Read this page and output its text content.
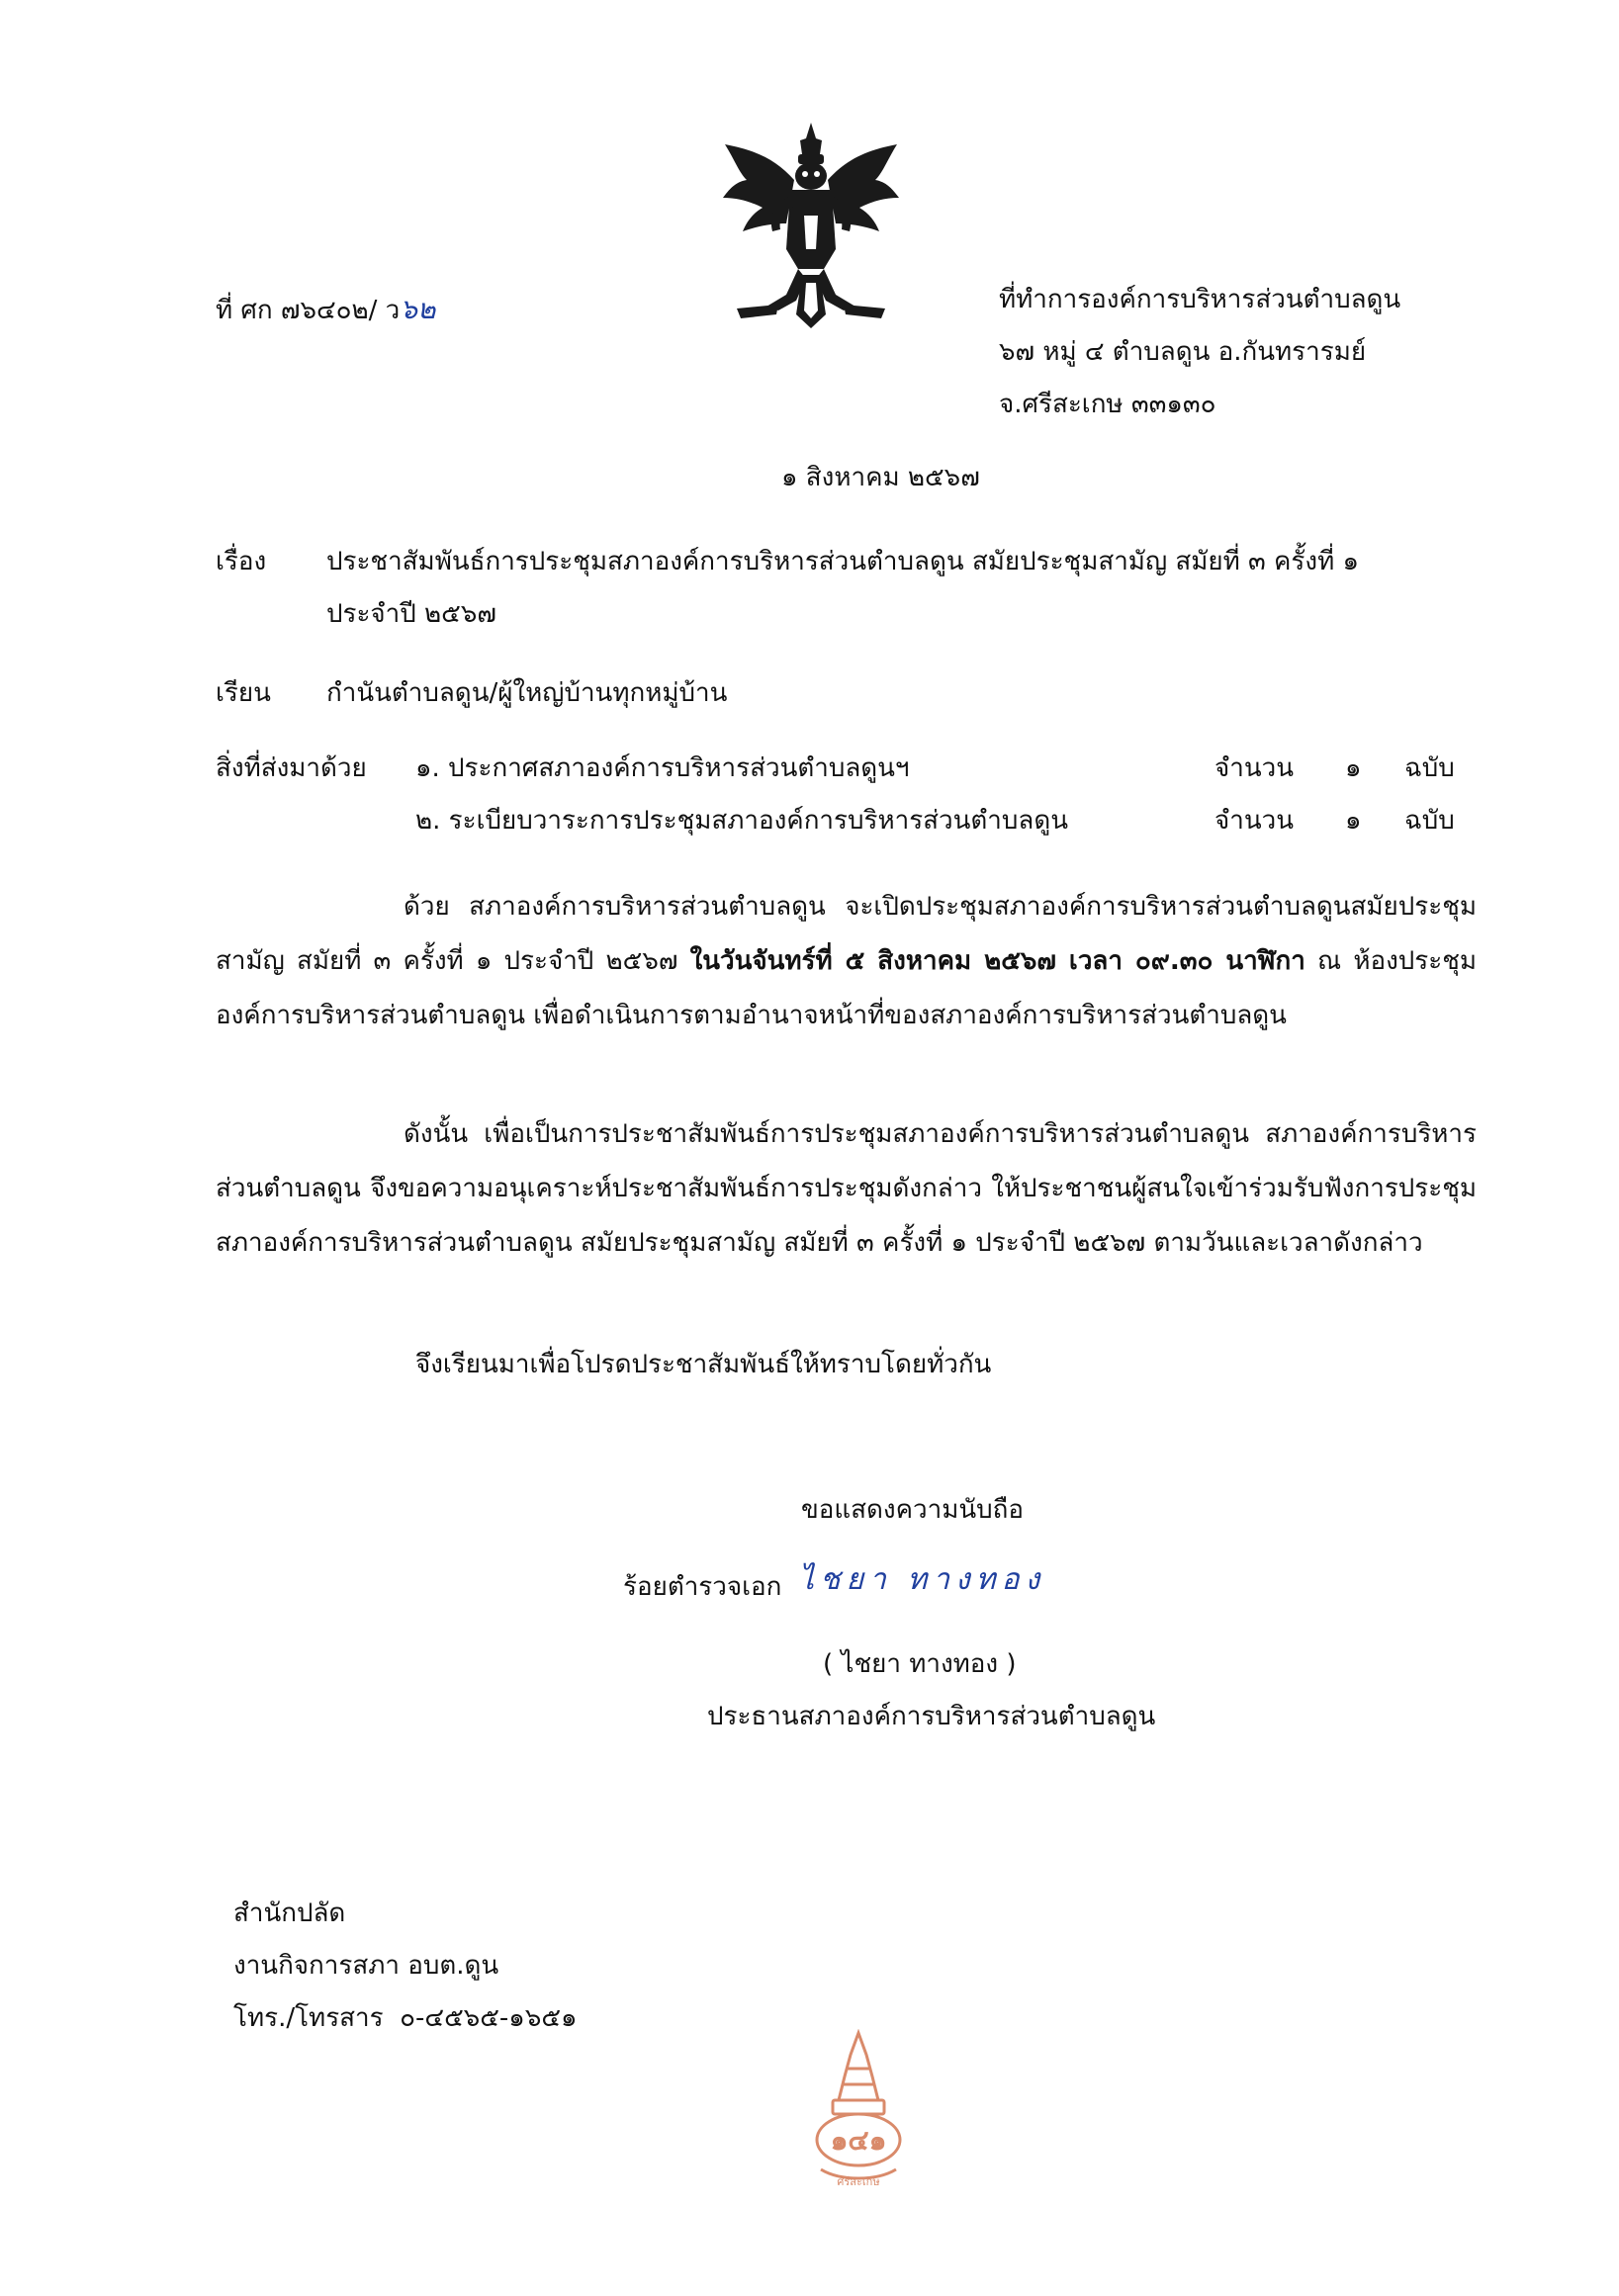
ที่ ศก ๗๖๔๐๒/ ว๖๒	ที่ทำการองค์การบริหารส่วนตำบลดูน
๖๗ หมู่ ๔ ตำบลดูน อ.กันทรารมย์
จ.ศรีสะเกษ ๓๓๑๓๐
๑ สิงหาคม ๒๕๖๗
เรื่อง ประชาสัมพันธ์การประชุมสภาองค์การบริหารส่วนตำบลดูน สมัยประชุมสามัญ สมัยที่ ๓ ครั้งที่ ๑
ประจำปี ๒๕๖๗
เรียน กำนันตำบลดูน/ผู้ใหญ่บ้านทุกหมู่บ้าน
สิ่งที่ส่งมาด้วย ๑. ประกาศสภาองค์การบริหารส่วนตำบลดูนฯ	จำนวน ๑ ฉบับ
๒. ระเบียบวาระการประชุมสภาองค์การบริหารส่วนตำบลดูน	จำนวน ๑ ฉบับ
ด้วย สภาองค์การบริหารส่วนตำบลดูน จะเปิดประชุมสภาองค์การบริหารส่วนตำบลดูนสมัยประชุมสามัญ สมัยที่ ๓ ครั้งที่ ๑ ประจำปี ๒๕๖๗ ในวันจันทร์ที่ ๕ สิงหาคม ๒๕๖๗ เวลา ๐๙.๓๐ นาฬิกา ณ ห้องประชุมองค์การบริหารส่วนตำบลดูน เพื่อดำเนินการตามอำนาจหน้าที่ของสภาองค์การบริหารส่วนตำบลดูน
ดังนั้น เพื่อเป็นการประชาสัมพันธ์การประชุมสภาองค์การบริหารส่วนตำบลดูน สภาองค์การบริหารส่วนตำบลดูน จึงขอความอนุเคราะห์ประชาสัมพันธ์การประชุมดังกล่าว ให้ประชาชนผู้สนใจเข้าร่วมรับฟังการประชุมสภาองค์การบริหารส่วนตำบลดูน สมัยประชุมสามัญ สมัยที่ ๓ ครั้งที่ ๑ ประจำปี ๒๕๖๗ ตามวันและเวลาดังกล่าว
จึงเรียนมาเพื่อโปรดประชาสัมพันธ์ให้ทราบโดยทั่วกัน
ขอแสดงความนับถือ
ร้อยตำรวจเอก ไชยา ทางทอง
( ไชยา ทางทอง )
ประธานสภาองค์การบริหารส่วนตำบลดูน
สำนักปลัด
งานกิจการสภา อบต.ดูน
โทร./โทรสาร ๐-๔๕๖๕-๑๖๕๑
๑๔๑
ศรีสะเกษ
